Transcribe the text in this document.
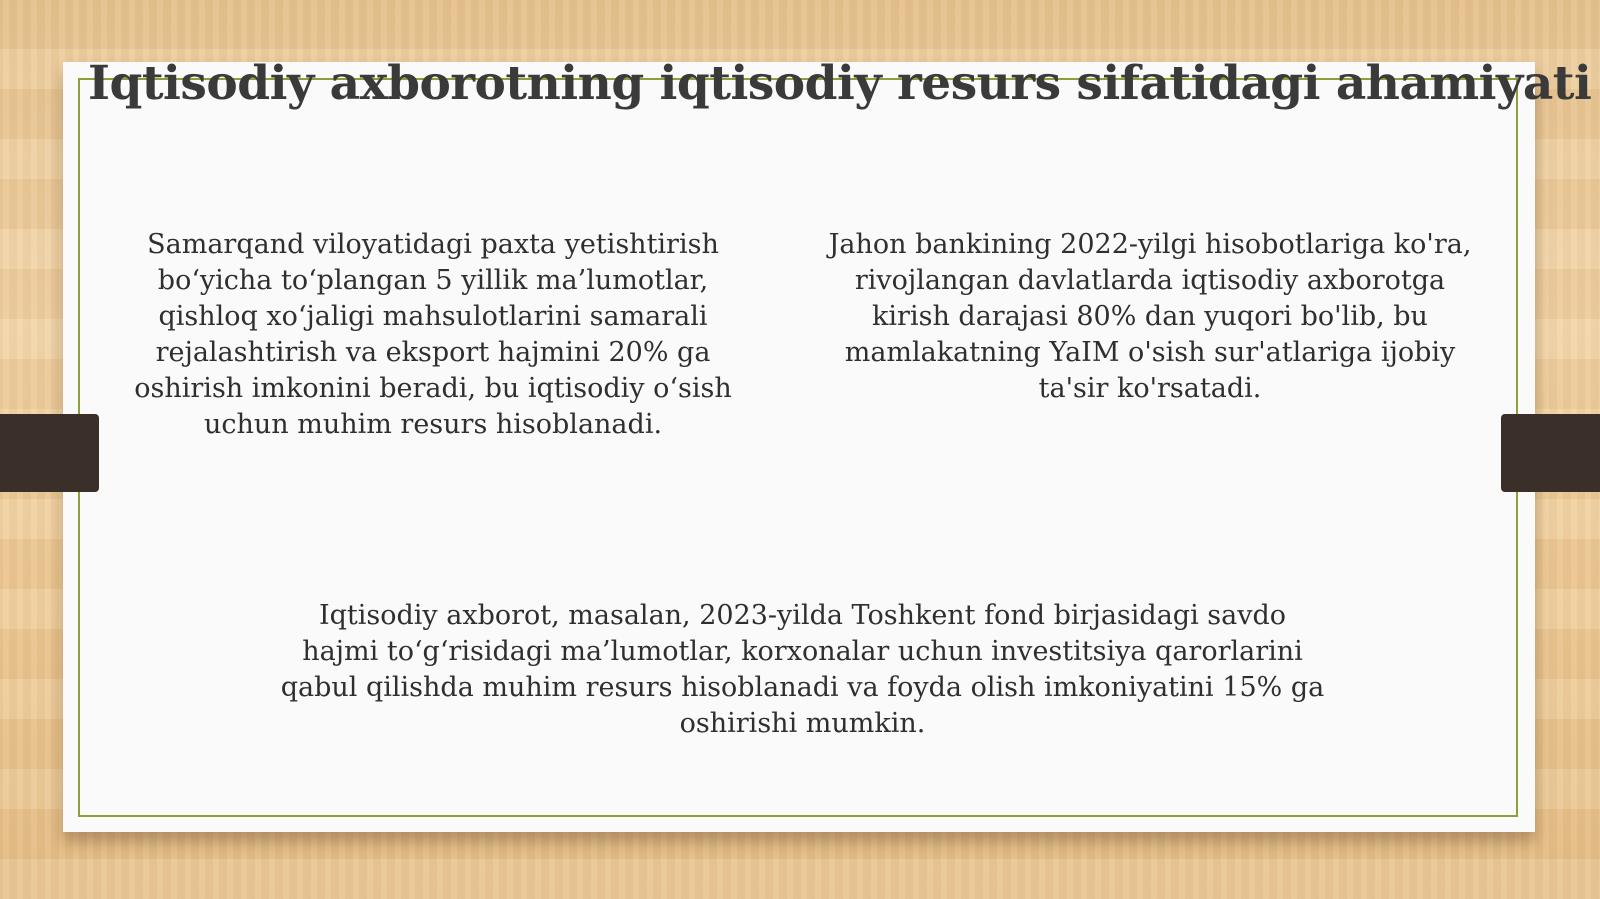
Iqtisodiy axborotning iqtisodiy resurs sifatidagi ahamiyati

Samarqand viloyatidagi paxta yetishtirish bo‘yicha to‘plangan 5 yillik ma’lumotlar, qishloq xo‘jaligi mahsulotlarini samarali rejalashtirish va eksport hajmini 20% ga oshirish imkonini beradi, bu iqtisodiy o‘sish uchun muhim resurs hisoblanadi.

Jahon bankining 2022-yilgi hisobotlariga ko'ra, rivojlangan davlatlarda iqtisodiy axborotga kirish darajasi 80% dan yuqori bo'lib, bu mamlakatning YaIM o'sish sur'atlariga ijobiy ta'sir ko'rsatadi.

Iqtisodiy axborot, masalan, 2023-yilda Toshkent fond birjasidagi savdo hajmi to‘g‘risidagi ma’lumotlar, korxonalar uchun investitsiya qarorlarini qabul qilishda muhim resurs hisoblanadi va foyda olish imkoniyatini 15% ga oshirishi mumkin.
